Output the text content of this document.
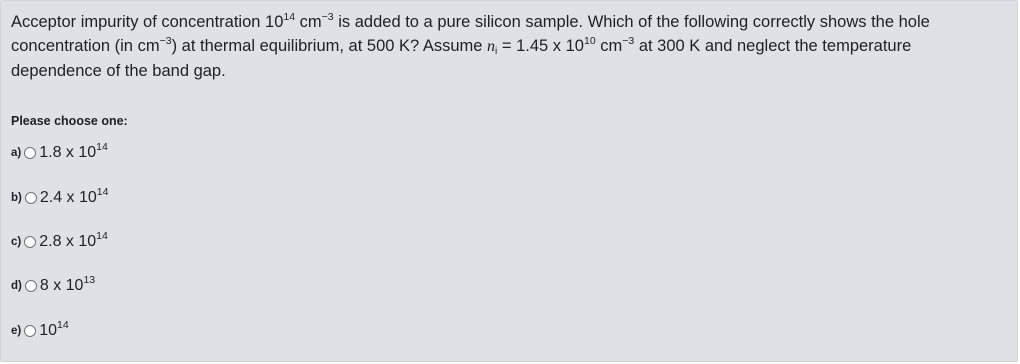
Acceptor impurity of concentration $10^{14}$ $cm^{-3}$ is added to a pure silicon sample. Which of the following correctly shows the hole concentration (in $cm^{-3}$) at thermal equilibrium, at 500 K? Assume $n_i = 1.45$ x $10^{10}$ $cm^{-3}$ at 300 K and neglect the temperature dependence of the band gap.
Please choose one:
a) 1.8 x $10^{14}$
b) 2.4 x $10^{14}$
c) 2.8 x $10^{14}$
d) 8 x $10^{13}$
e) $10^{14}$
